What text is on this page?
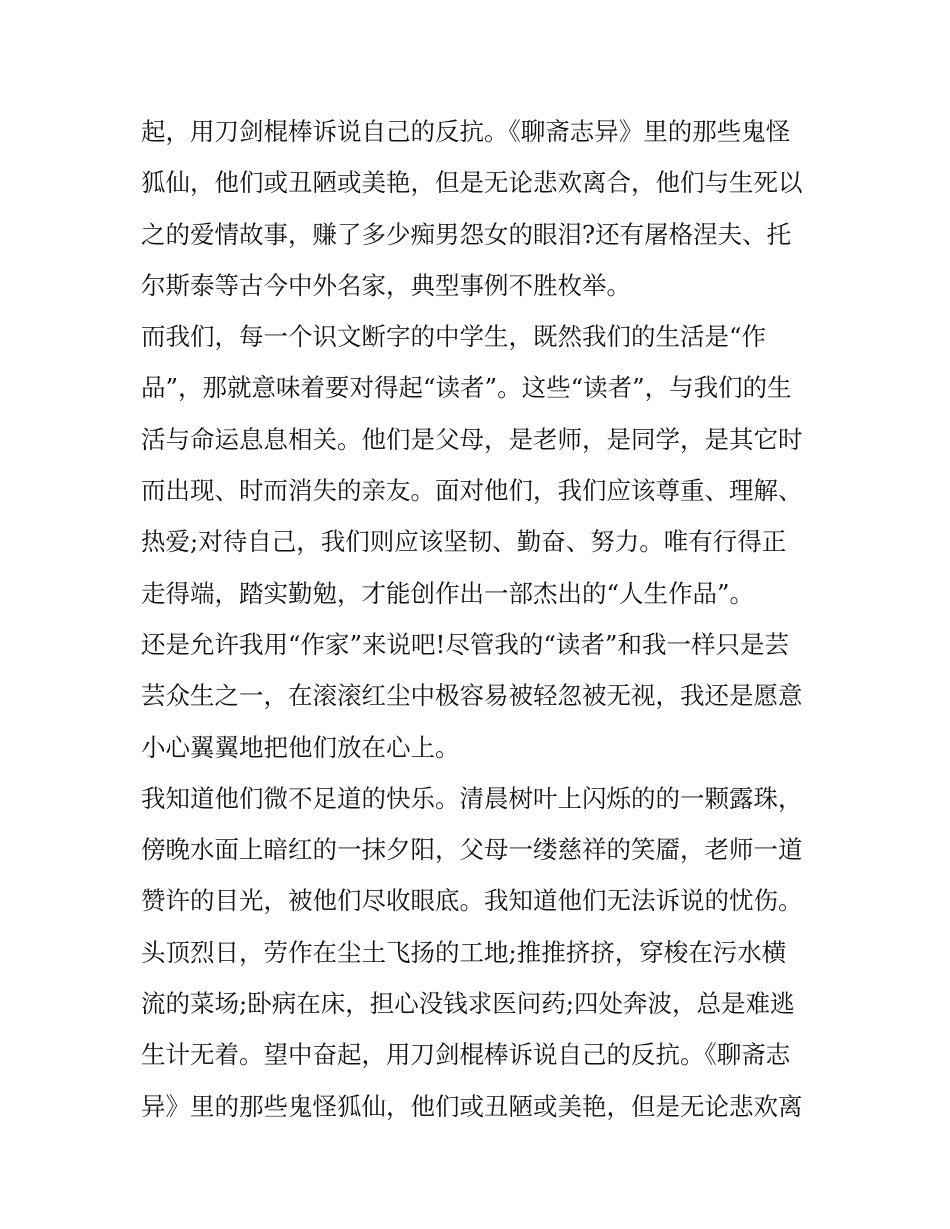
起，用刀剑棍棒诉说自己的反抗。《聊斋志异》里的那些鬼怪
狐仙，他们或丑陋或美艳，但是无论悲欢离合，他们与生死以
之的爱情故事，赚了多少痴男怨女的眼泪?还有屠格涅夫、托
尔斯泰等古今中外名家，典型事例不胜枚举。
而我们，每一个识文断字的中学生，既然我们的生活是“作
品”，那就意味着要对得起“读者”。这些“读者”，与我们的生
活与命运息息相关。他们是父母，是老师，是同学，是其它时
而出现、时而消失的亲友。面对他们，我们应该尊重、理解、
热爱;对待自己，我们则应该坚韧、勤奋、努力。唯有行得正
走得端，踏实勤勉，才能创作出一部杰出的“人生作品”。
还是允许我用“作家”来说吧!尽管我的“读者”和我一样只是芸
芸众生之一，在滚滚红尘中极容易被轻忽被无视，我还是愿意
小心翼翼地把他们放在心上。
我知道他们微不足道的快乐。清晨树叶上闪烁的的一颗露珠，
傍晚水面上暗红的一抹夕阳，父母一缕慈祥的笑靥，老师一道
赞许的目光，被他们尽收眼底。我知道他们无法诉说的忧伤。
头顶烈日，劳作在尘土飞扬的工地;推推挤挤，穿梭在污水横
流的菜场;卧病在床，担心没钱求医问药;四处奔波，总是难逃
生计无着。望中奋起，用刀剑棍棒诉说自己的反抗。《聊斋志
异》里的那些鬼怪狐仙，他们或丑陋或美艳，但是无论悲欢离
